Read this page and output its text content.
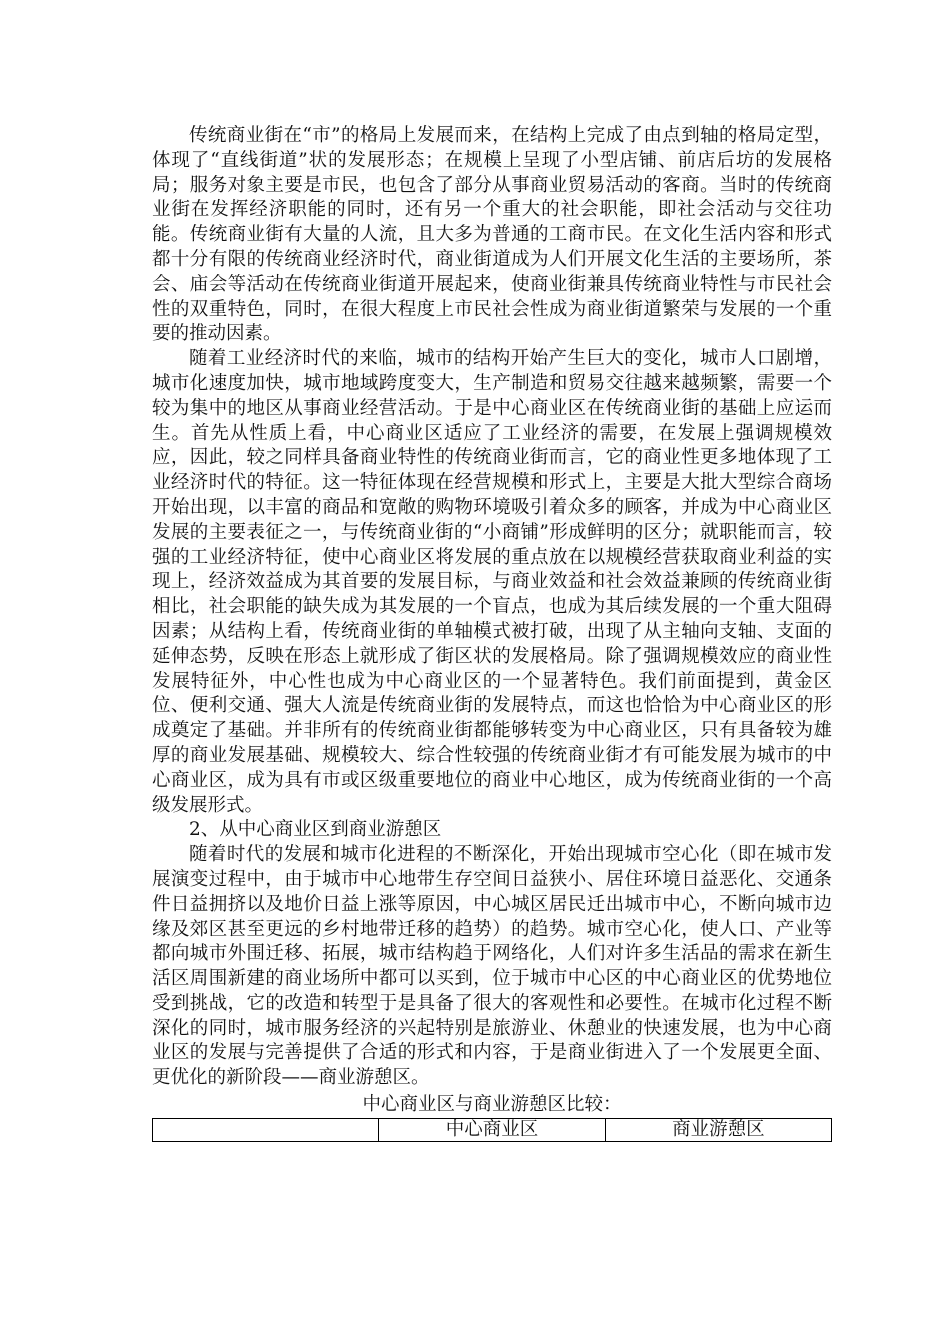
传统商业街在“市”的格局上发展而来，在结构上完成了由点到轴的格局定型，体现了“直线街道”状的发展形态；在规模上呈现了小型店铺、前店后坊的发展格局；服务对象主要是市民，也包含了部分从事商业贸易活动的客商。当时的传统商业街在发挥经济职能的同时，还有另一个重大的社会职能，即社会活动与交往功能。传统商业街有大量的人流，且大多为普通的工商市民。在文化生活内容和形式都十分有限的传统商业经济时代，商业街道成为人们开展文化生活的主要场所，茶会、庙会等活动在传统商业街道开展起来，使商业街兼具传统商业特性与市民社会性的双重特色，同时，在很大程度上市民社会性成为商业街道繁荣与发展的一个重要的推动因素。

随着工业经济时代的来临，城市的结构开始产生巨大的变化，城市人口剧增，城市化速度加快，城市地域跨度变大，生产制造和贸易交往越来越频繁，需要一个较为集中的地区从事商业经营活动。于是中心商业区在传统商业街的基础上应运而生。首先从性质上看，中心商业区适应了工业经济的需要，在发展上强调规模效应，因此，较之同样具备商业特性的传统商业街而言，它的商业性更多地体现了工业经济时代的特征。这一特征体现在经营规模和形式上，主要是大批大型综合商场开始出现，以丰富的商品和宽敞的购物环境吸引着众多的顾客，并成为中心商业区发展的主要表征之一，与传统商业街的“小商铺”形成鲜明的区分；就职能而言，较强的工业经济特征，使中心商业区将发展的重点放在以规模经营获取商业利益的实现上，经济效益成为其首要的发展目标，与商业效益和社会效益兼顾的传统商业街相比，社会职能的缺失成为其发展的一个盲点，也成为其后续发展的一个重大阻碍因素；从结构上看，传统商业街的单轴模式被打破，出现了从主轴向支轴、支面的延伸态势，反映在形态上就形成了街区状的发展格局。除了强调规模效应的商业性发展特征外，中心性也成为中心商业区的一个显著特色。我们前面提到，黄金区位、便利交通、强大人流是传统商业街的发展特点，而这也恰恰为中心商业区的形成奠定了基础。并非所有的传统商业街都能够转变为中心商业区，只有具备较为雄厚的商业发展基础、规模较大、综合性较强的传统商业街才有可能发展为城市的中心商业区，成为具有市或区级重要地位的商业中心地区，成为传统商业街的一个高级发展形式。

2、从中心商业区到商业游憩区

随着时代的发展和城市化进程的不断深化，开始出现城市空心化（即在城市发展演变过程中，由于城市中心地带生存空间日益狭小、居住环境日益恶化、交通条件日益拥挤以及地价日益上涨等原因，中心城区居民迁出城市中心，不断向城市边缘及郊区甚至更远的乡村地带迁移的趋势）的趋势。城市空心化，使人口、产业等都向城市外围迁移、拓展，城市结构趋于网络化，人们对许多生活品的需求在新生活区周围新建的商业场所中都可以买到，位于城市中心区的中心商业区的优势地位受到挑战，它的改造和转型于是具备了很大的客观性和必要性。在城市化过程不断深化的同时，城市服务经济的兴起特别是旅游业、休憩业的快速发展，也为中心商业区的发展与完善提供了合适的形式和内容，于是商业街进入了一个发展更全面、更优化的新阶段——商业游憩区。

中心商业区与商业游憩区比较：

	中心商业区	商业游憩区
